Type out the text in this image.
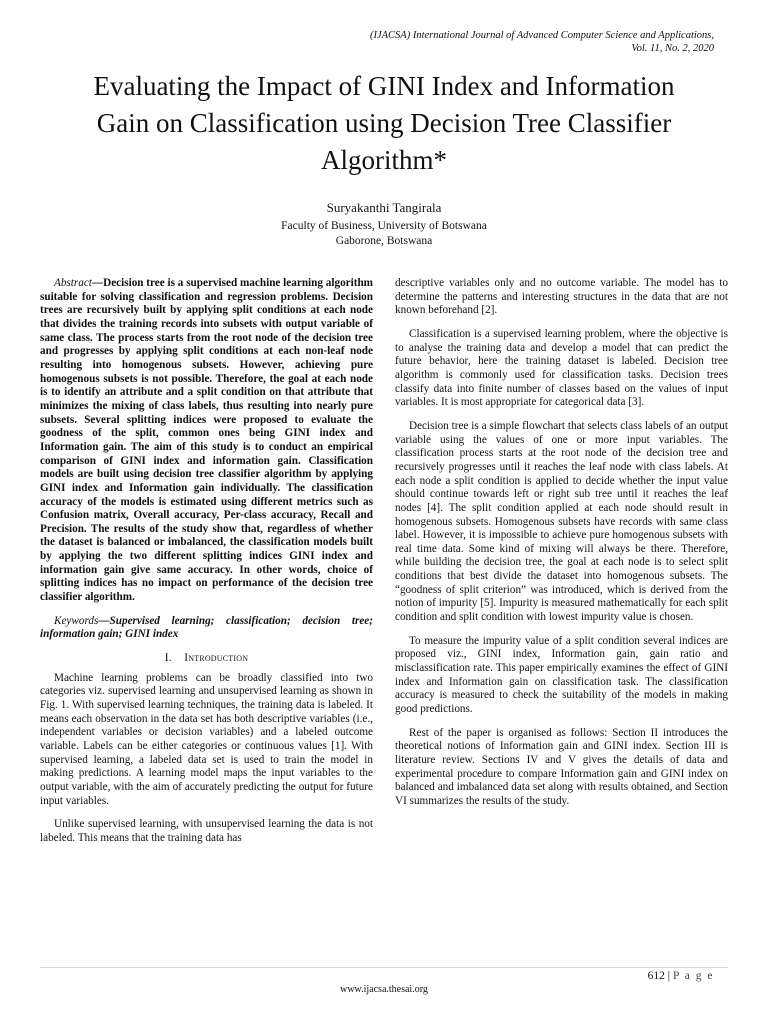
(IJACSA) International Journal of Advanced Computer Science and Applications,
Vol. 11, No. 2, 2020
Evaluating the Impact of GINI Index and Information
Gain on Classification using Decision Tree Classifier
Algorithm*
Suryakanthi Tangirala
Faculty of Business, University of Botswana
Gaborone, Botswana

Abstract—Decision tree is a supervised machine learning algorithm suitable for solving classification and regression problems. Decision trees are recursively built by applying split conditions at each node that divides the training records into subsets with output variable of same class. The process starts from the root node of the decision tree and progresses by applying split conditions at each non-leaf node resulting into homogenous subsets. However, achieving pure homogenous subsets is not possible. Therefore, the goal at each node is to identify an attribute and a split condition on that attribute that minimizes the mixing of class labels, thus resulting into nearly pure subsets. Several splitting indices were proposed to evaluate the goodness of the split, common ones being GINI index and Information gain. The aim of this study is to conduct an empirical comparison of GINI index and information gain. Classification models are built using decision tree classifier algorithm by applying GINI index and Information gain individually. The classification accuracy of the models is estimated using different metrics such as Confusion matrix, Overall accuracy, Per-class accuracy, Recall and Precision. The results of the study show that, regardless of whether the dataset is balanced or imbalanced, the classification models built by applying the two different splitting indices GINI index and information gain give same accuracy. In other words, choice of splitting indices has no impact on performance of the decision tree classifier algorithm.

Keywords—Supervised learning; classification; decision tree; information gain; GINI index

I. Introduction

Machine learning problems can be broadly classified into two categories viz. supervised learning and unsupervised learning as shown in Fig. 1. With supervised learning techniques, the training data is labeled. It means each observation in the data set has both descriptive variables (i.e., independent variables or decision variables) and a labeled outcome variable. Labels can be either categories or continuous values [1]. With supervised learning, a labeled data set is used to train the model in making predictions. A learning model maps the input variables to the output variable, with the aim of accurately predicting the output for future input variables.

Unlike supervised learning, with unsupervised learning the data is not labeled. This means that the training data has

descriptive variables only and no outcome variable. The model has to determine the patterns and interesting structures in the data that are not known beforehand [2].

Classification is a supervised learning problem, where the objective is to analyse the training data and develop a model that can predict the future behavior, here the training dataset is labeled. Decision tree algorithm is commonly used for classification tasks. Decision trees classify data into finite number of classes based on the values of input variables. It is most appropriate for categorical data [3].

Decision tree is a simple flowchart that selects class labels of an output variable using the values of one or more input variables. The classification process starts at the root node of the decision tree and recursively progresses until it reaches the leaf node with class labels. At each node a split condition is applied to decide whether the input value should continue towards left or right sub tree until it reaches the leaf nodes [4]. The split condition applied at each node should result in homogenous subsets. Homogenous subsets have records with same class label. However, it is impossible to achieve pure homogenous subsets with real time data. Some kind of mixing will always be there. Therefore, while building the decision tree, the goal at each node is to select split conditions that best divide the dataset into homogenous subsets. The “goodness of split criterion” was introduced, which is derived from the notion of impurity [5]. Impurity is measured mathematically for each split condition and split condition with lowest impurity value is chosen.

To measure the impurity value of a split condition several indices are proposed viz., GINI index, Information gain, gain ratio and misclassification rate. This paper empirically examines the effect of GINI index and Information gain on classification task. The classification accuracy is measured to check the suitability of the models in making good predictions.

Rest of the paper is organised as follows: Section II introduces the theoretical notions of Information gain and GINI index. Section III is literature review. Sections IV and V gives the details of data and experimental procedure to compare Information gain and GINI index on balanced and imbalanced data set along with results obtained, and Section VI summarizes the results of the study.

612 | P a g e
www.ijacsa.thesai.org
